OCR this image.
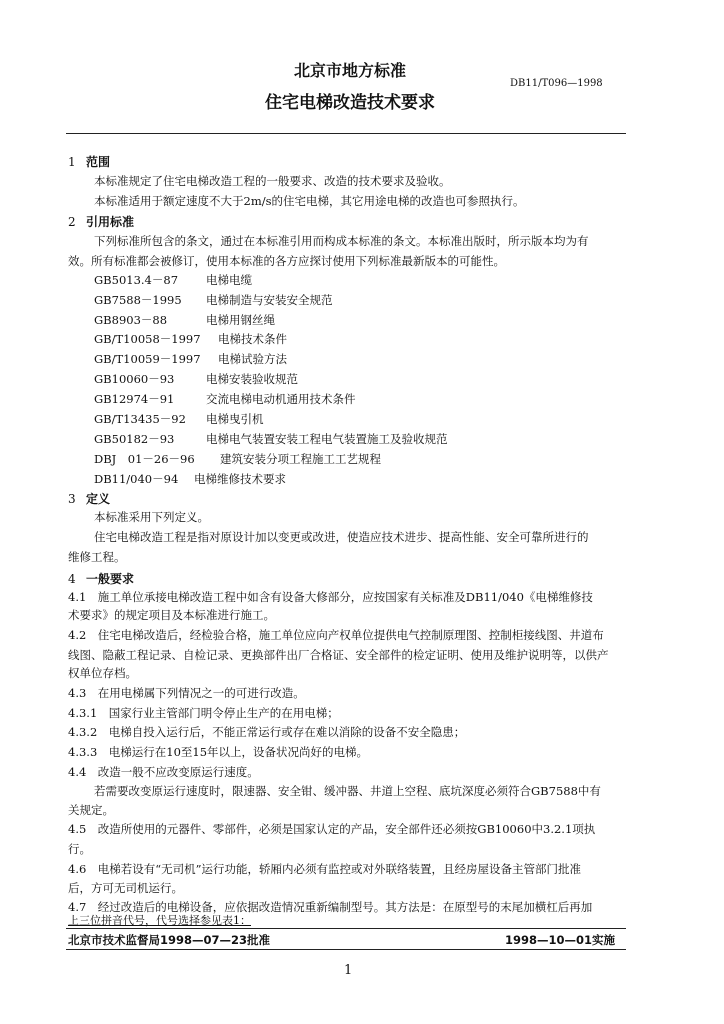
北京市地方标准
住宅电梯改造技术要求
DB11/T096—1998
1 范围
本标准规定了住宅电梯改造工程的一般要求、改造的技术要求及验收。
本标准适用于额定速度不大于2m/s的住宅电梯，其它用途电梯的改造也可参照执行。
2 引用标准
下列标准所包含的条文，通过在本标准引用而构成本标准的条文。本标准出版时，所示版本均为有
效。所有标准都会被修订，使用本标准的各方应探讨使用下列标准最新版本的可能性。
GB5013.4－87 电梯电缆
GB7588－1995 电梯制造与安装安全规范
GB8903－88	电梯用钢丝绳
GB/T10058－1997 电梯技术条件
GB/T10059－1997 电梯试验方法
GB10060－93	电梯安装验收规范
GB12974－91	交流电梯电动机通用技术条件
GB/T13435－92 电梯曳引机
GB50182－93	电梯电气装置安装工程电气装置施工及验收规范
DBJ　01－26－96 建筑安装分项工程施工工艺规程
DB11/040－94 电梯维修技术要求
3 定义
本标准采用下列定义。
住宅电梯改造工程是指对原设计加以变更或改进，使造应技术进步、提高性能、安全可靠所进行的
维修工程。
4 一般要求
4.1　施工单位承接电梯改造工程中如含有设备大修部分，应按国家有关标准及DB11/040《电梯维修技
术要求》的规定项目及本标准进行施工。
4.2　住宅电梯改造后，经检验合格，施工单位应向产权单位提供电气控制原理图、控制柜接线图、井道布
线图、隐蔽工程记录、自检记录、更换部件出厂合格证、安全部件的检定证明、使用及维护说明等，以供产
权单位存档。
4.3　在用电梯属下列情况之一的可进行改造。
4.3.1　国家行业主管部门明令停止生产的在用电梯；
4.3.2　电梯自投入运行后，不能正常运行或存在难以消除的设备不安全隐患；
4.3.3　电梯运行在10至15年以上，设备状况尚好的电梯。
4.4　改造一般不应改变原运行速度。
若需要改变原运行速度时，限速器、安全钳、缓冲器、井道上空程、底坑深度必须符合GB7588中有
关规定。
4.5　改造所使用的元器件、零部件，必须是国家认定的产品，安全部件还必须按GB10060中3.2.1项执
行。
4.6　电梯若设有“无司机”运行功能，轿厢内必须有监控或对外联络装置，且经房屋设备主管部门批准
后，方可无司机运行。
4.7　经过改造后的电梯设备，应依据改造情况重新编制型号。其方法是：在原型号的末尾加横杠后再加
上三位拼音代号，代号选择参见表1：
北京市技术监督局1998—07—23批准	1998—10—01实施
1
